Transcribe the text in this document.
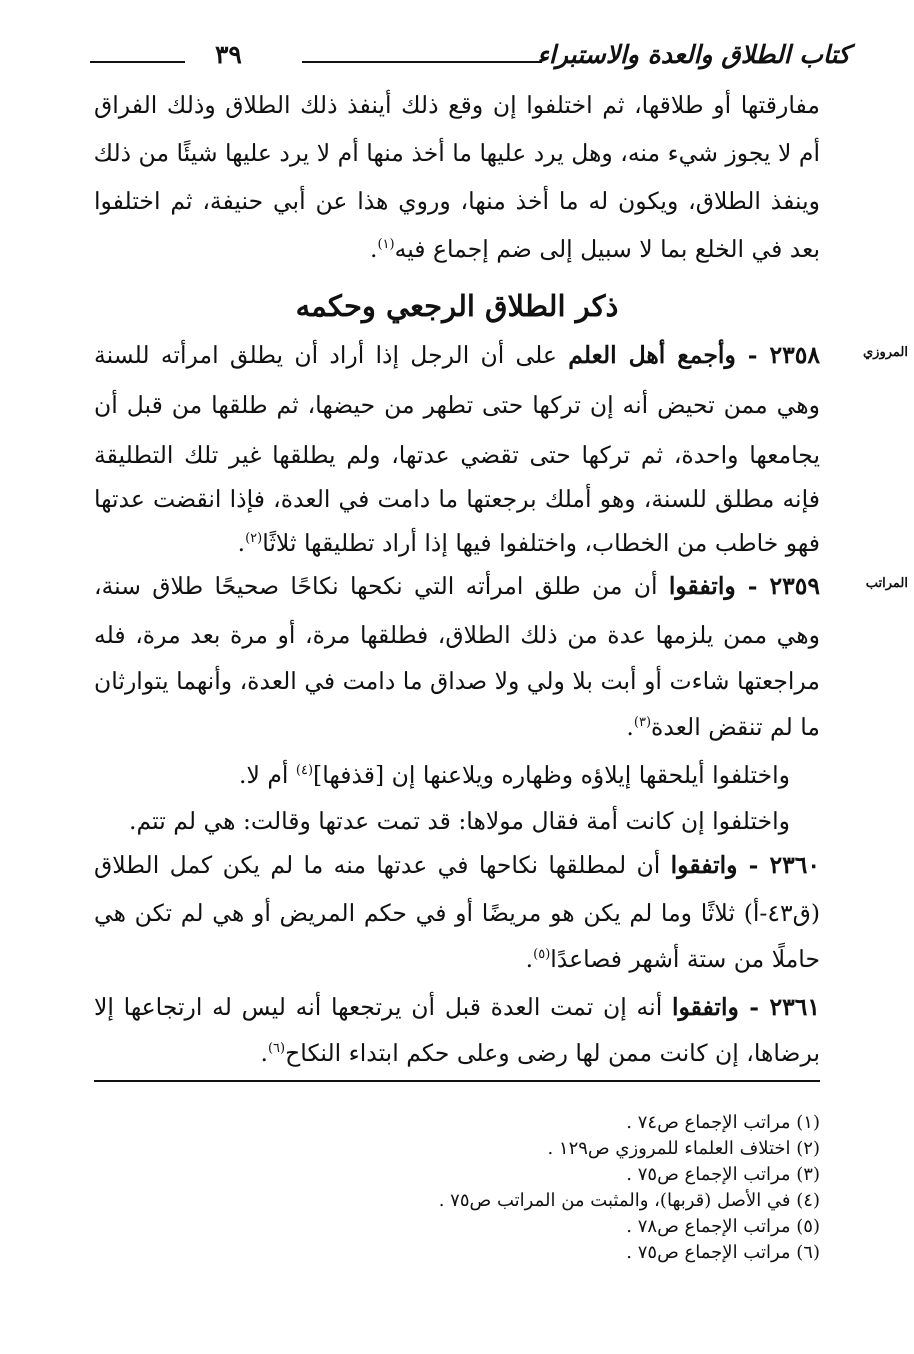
كتاب الطلاق والعدة والاستبراء
٣٩
مفارقتها أو طلاقها، ثم اختلفوا إن وقع ذلك أينفذ ذلك الطلاق وذلك الفراق
أم لا يجوز شيء منه، وهل يرد عليها ما أخذ منها أم لا يرد عليها شيئًا من ذلك
وينفذ الطلاق، ويكون له ما أخذ منها، وروي هذا عن أبي حنيفة، ثم اختلفوا
بعد في الخلع بما لا سبيل إلى ضم إجماع فيه$^{(١)}$.
ذكر الطلاق الرجعي وحكمه
المروزي
٢٣٥٨ - وأجمع أهل العلم على أن الرجل إذا أراد أن يطلق امرأته للسنة
وهي ممن تحيض أنه إن تركها حتى تطهر من حيضها، ثم طلقها من قبل أن
يجامعها واحدة، ثم تركها حتى تقضي عدتها، ولم يطلقها غير تلك التطليقة
فإنه مطلق للسنة، وهو أملك برجعتها ما دامت في العدة، فإذا انقضت عدتها
فهو خاطب من الخطاب، واختلفوا فيها إذا أراد تطليقها ثلاثًا$^{(٢)}$.
المراتب
٢٣٥٩ - واتفقوا أن من طلق امرأته التي نكحها نكاحًا صحيحًا طلاق سنة،
وهي ممن يلزمها عدة من ذلك الطلاق، فطلقها مرة، أو مرة بعد مرة، فله
مراجعتها شاءت أو أبت بلا ولي ولا صداق ما دامت في العدة، وأنهما يتوارثان
ما لم تنقض العدة$^{(٣)}$.
واختلفوا أيلحقها إيلاؤه وظهاره ويلاعنها إن [قذفها]$^{(٤)}$ أم لا.
واختلفوا إن كانت أمة فقال مولاها: قد تمت عدتها وقالت: هي لم تتم.
٢٣٦٠ - واتفقوا أن لمطلقها نكاحها في عدتها منه ما لم يكن كمل الطلاق
(ق٤٣-أ) ثلاثًا وما لم يكن هو مريضًا أو في حكم المريض أو هي لم تكن هي
حاملًا من ستة أشهر فصاعدًا$^{(٥)}$.
٢٣٦١ - واتفقوا أنه إن تمت العدة قبل أن يرتجعها أنه ليس له ارتجاعها إلا
برضاها، إن كانت ممن لها رضى وعلى حكم ابتداء النكاح$^{(٦)}$.
(١) مراتب الإجماع ص٧٤ .
(٢) اختلاف العلماء للمروزي ص١٢٩ .
(٣) مراتب الإجماع ص٧٥ .
(٤) في الأصل (قربها)، والمثبت من المراتب ص٧٥ .
(٥) مراتب الإجماع ص٧٨ .
(٦) مراتب الإجماع ص٧٥ .
